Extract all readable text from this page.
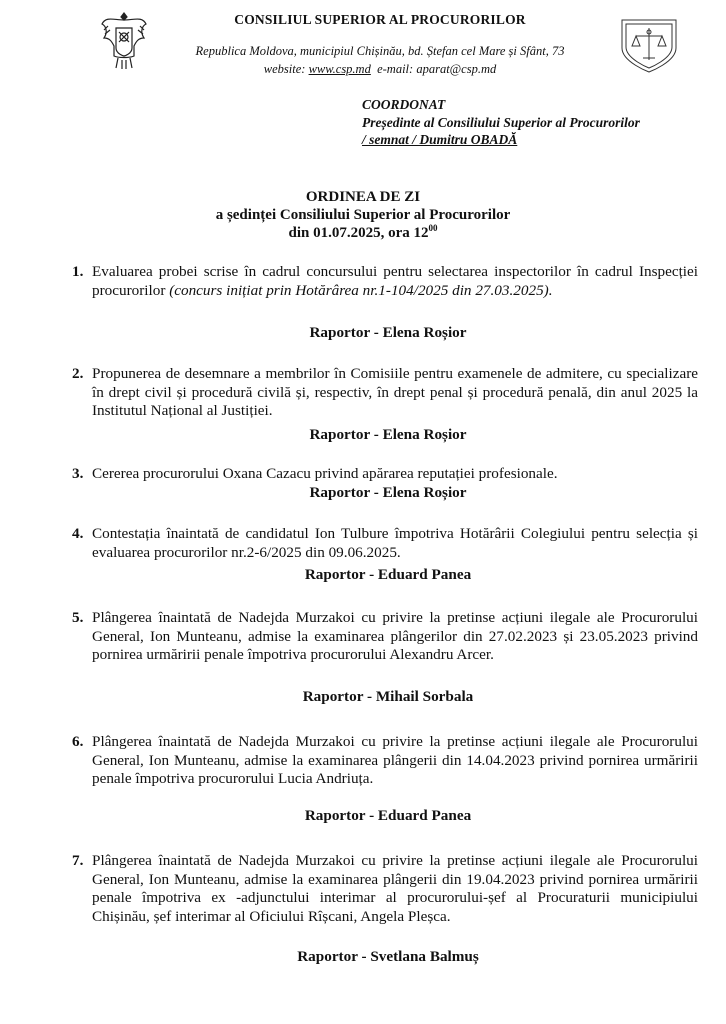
CONSILIUL SUPERIOR AL PROCURORILOR
Republica Moldova, municipiul Chișinău, bd. Ștefan cel Mare și Sfânt, 73
website: www.csp.md e-mail: aparat@csp.md
COORDONAT
Președinte al Consiliului Superior al Procurorilor
/ semnat / Dumitru OBADĂ
ORDINEA DE ZI
a ședinței Consiliului Superior al Procurorilor
din 01.07.2025, ora $12^{00}$
1. Evaluarea probei scrise în cadrul concursului pentru selectarea inspectorilor în cadrul Inspecției procurorilor (concurs inițiat prin Hotărârea nr.1-104/2025 din 27.03.2025).

Raportor - Elena Roșior
2. Propunerea de desemnare a membrilor în Comisiile pentru examenele de admitere, cu specializare în drept civil și procedură civilă și, respectiv, în drept penal și procedură penală, din anul 2025 la Institutul Național al Justiției.

Raportor - Elena Roșior
3. Cererea procurorului Oxana Cazacu privind apărarea reputației profesionale.

Raportor - Elena Roșior
4. Contestația înaintată de candidatul Ion Tulbure împotriva Hotărârii Colegiului pentru selecția și evaluarea procurorilor nr.2-6/2025 din 09.06.2025.

Raportor - Eduard Panea
5. Plângerea înaintată de Nadejda Murzakoi cu privire la pretinse acțiuni ilegale ale Procurorului General, Ion Munteanu, admise la examinarea plângerilor din 27.02.2023 și 23.05.2023 privind pornirea urmăririi penale împotriva procurorului Alexandru Arcer.

Raportor - Mihail Sorbala
6. Plângerea înaintată de Nadejda Murzakoi cu privire la pretinse acțiuni ilegale ale Procurorului General, Ion Munteanu, admise la examinarea plângerii din 14.04.2023 privind pornirea urmăririi penale împotriva procurorului Lucia Andriuța.

Raportor - Eduard Panea
7. Plângerea înaintată de Nadejda Murzakoi cu privire la pretinse acțiuni ilegale ale Procurorului General, Ion Munteanu, admise la examinarea plângerii din 19.04.2023 privind pornirea urmăririi penale împotriva ex -adjunctului interimar al procurorului-șef al Procuraturii municipiului Chișinău, șef interimar al Oficiului Rîșcani, Angela Pleșca.

Raportor - Svetlana Balmuș
